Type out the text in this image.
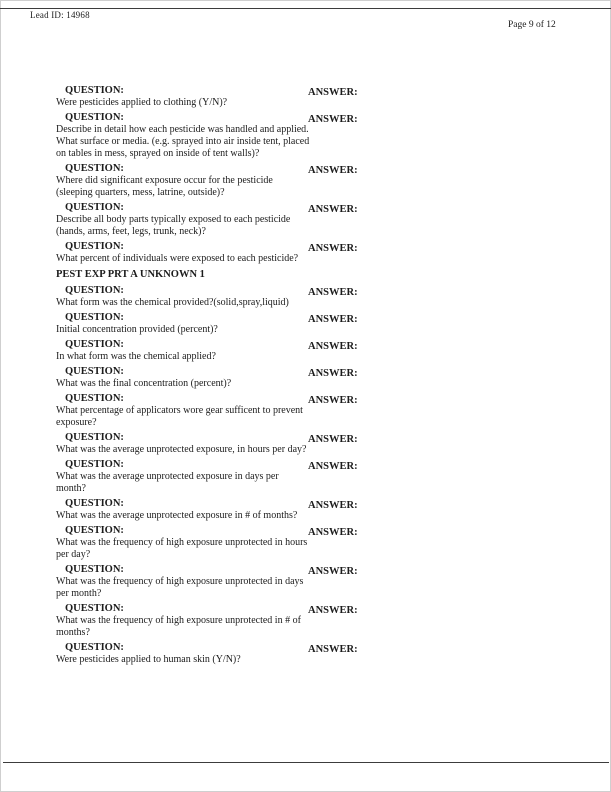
Lead ID: 14968
Page 9 of 12
QUESTION:	ANSWER:
Were pesticides applied to clothing (Y/N)?
QUESTION:	ANSWER:
Describe in detail how each pesticide was handled and applied. What surface or media. (e.g. sprayed into air inside tent, placed on tables in mess, sprayed on inside of tent walls)?
QUESTION:	ANSWER:
Where did significant exposure occur for the pesticide (sleeping quarters, mess, latrine, outside)?
QUESTION:	ANSWER:
Describe all body parts typically exposed to each pesticide (hands, arms, feet, legs, trunk, neck)?
QUESTION:	ANSWER:
What percent of individuals were exposed to each pesticide?
PEST EXP PRT A UNKNOWN 1
QUESTION:	ANSWER:
What form was the chemical provided?(solid,spray,liquid)
QUESTION:	ANSWER:
Initial concentration provided (percent)?
QUESTION:	ANSWER:
In what form was the chemical applied?
QUESTION:	ANSWER:
What was the final concentration (percent)?
QUESTION:	ANSWER:
What percentage of applicators wore gear sufficent to prevent exposure?
QUESTION:	ANSWER:
What was the average unprotected exposure, in hours per day?
QUESTION:	ANSWER:
What was the average unprotected exposure in days per month?
QUESTION:	ANSWER:
What was the average unprotected exposure in # of months?
QUESTION:	ANSWER:
What was the frequency of high exposure unprotected in hours per day?
QUESTION:	ANSWER:
What was the frequency of high exposure unprotected in days per month?
QUESTION:	ANSWER:
What was the frequency of high exposure unprotected in # of months?
QUESTION:	ANSWER:
Were pesticides applied to human skin (Y/N)?
